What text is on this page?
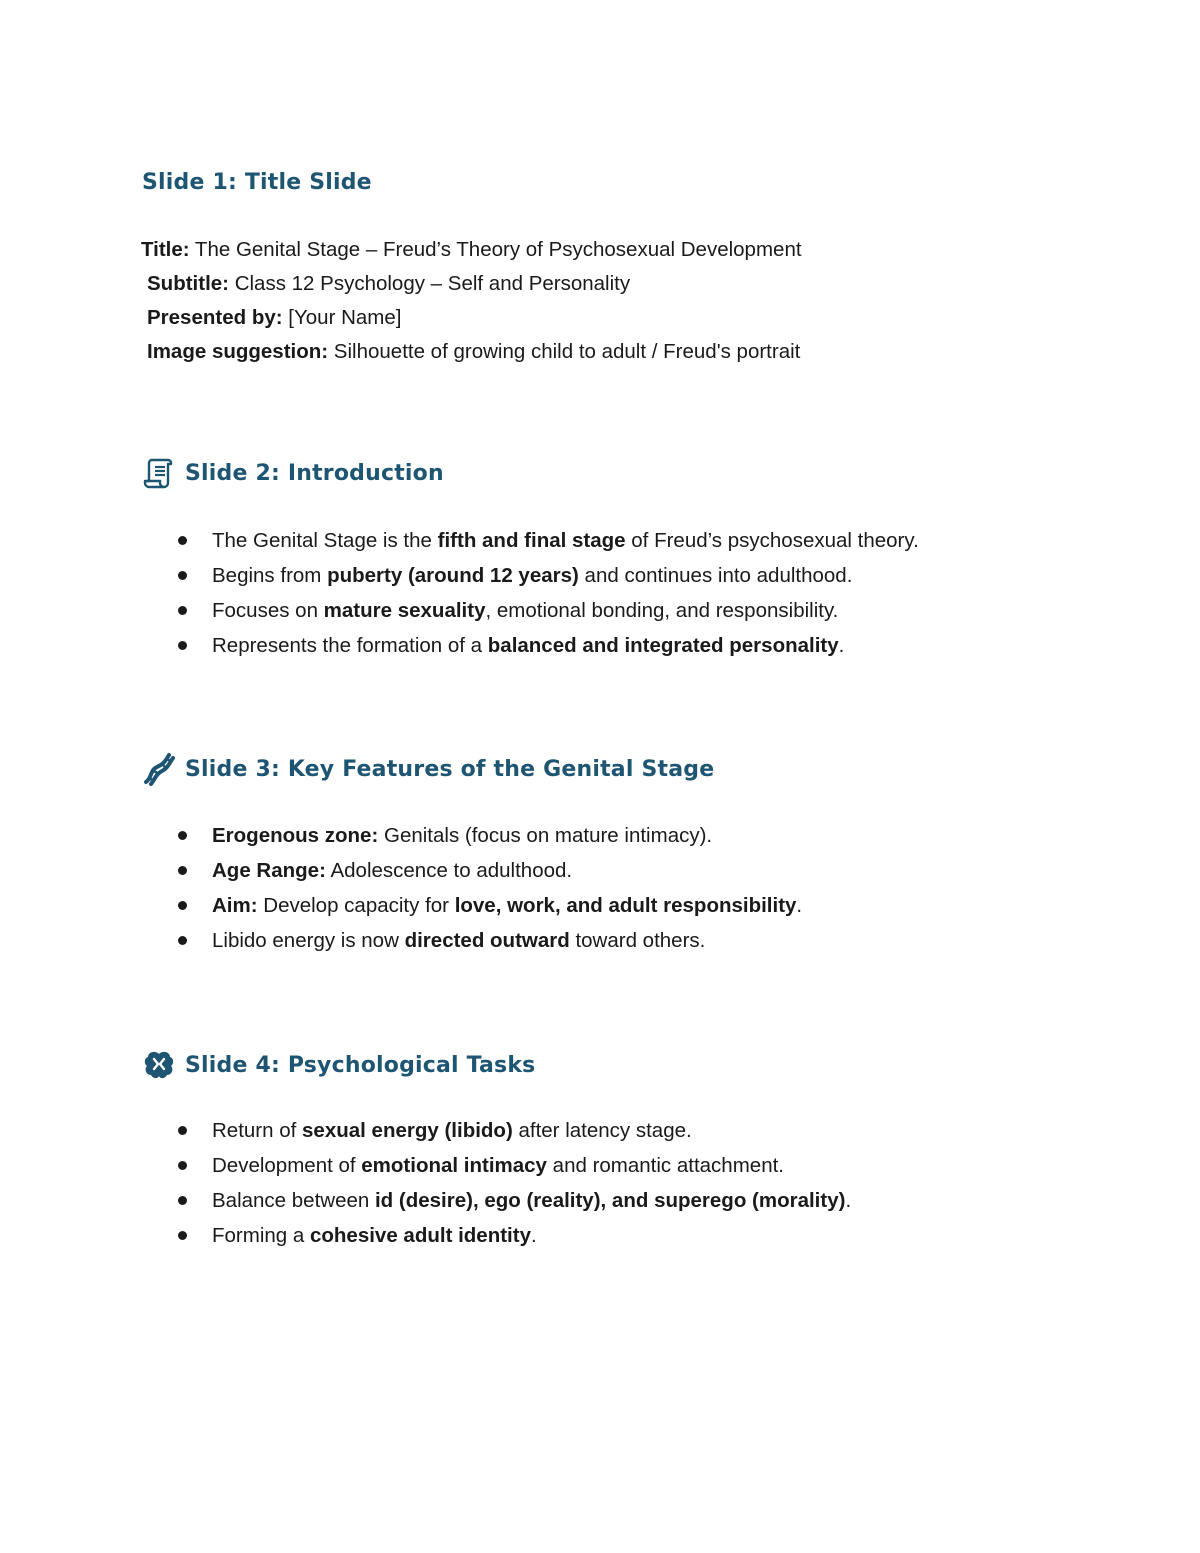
Slide 1: Title Slide
Title: The Genital Stage – Freud’s Theory of Psychosexual Development
Subtitle: Class 12 Psychology – Self and Personality
Presented by: [Your Name]
Image suggestion: Silhouette of growing child to adult / Freud's portrait
Slide 2: Introduction
The Genital Stage is the fifth and final stage of Freud’s psychosexual theory.
Begins from puberty (around 12 years) and continues into adulthood.
Focuses on mature sexuality, emotional bonding, and responsibility.
Represents the formation of a balanced and integrated personality.
Slide 3: Key Features of the Genital Stage
Erogenous zone: Genitals (focus on mature intimacy).
Age Range: Adolescence to adulthood.
Aim: Develop capacity for love, work, and adult responsibility.
Libido energy is now directed outward toward others.
Slide 4: Psychological Tasks
Return of sexual energy (libido) after latency stage.
Development of emotional intimacy and romantic attachment.
Balance between id (desire), ego (reality), and superego (morality).
Forming a cohesive adult identity.
